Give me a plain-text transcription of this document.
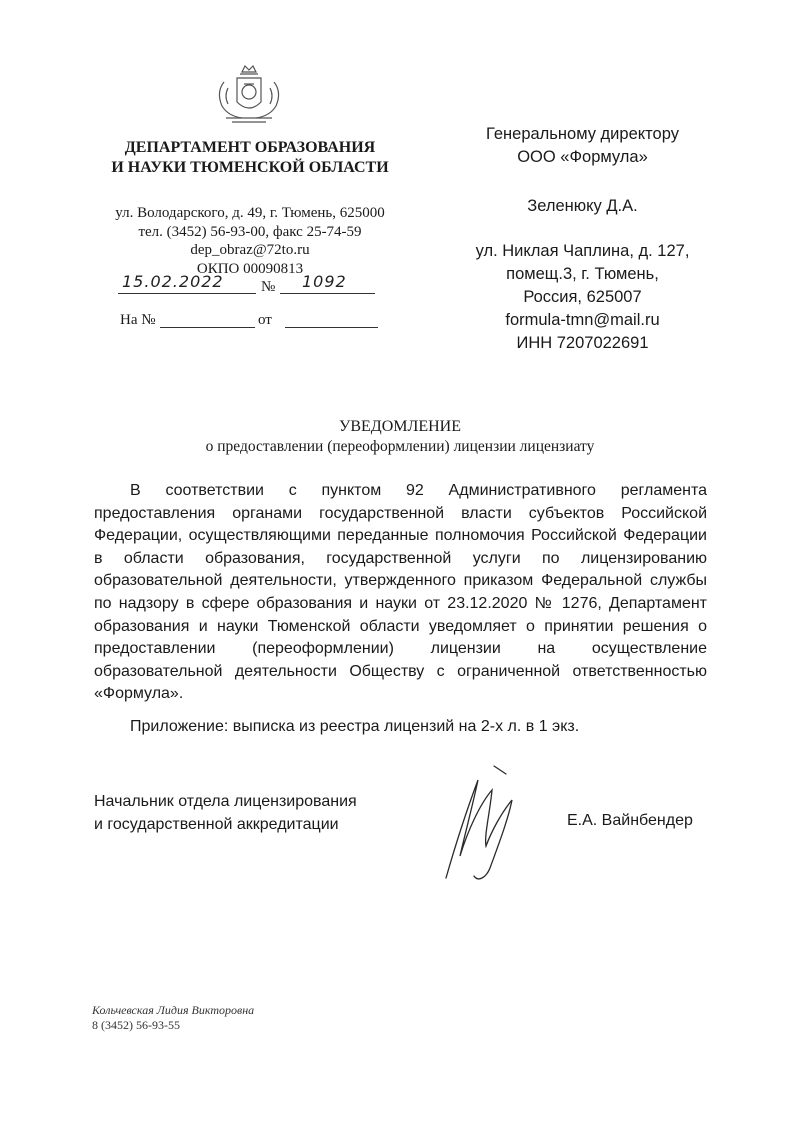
ДЕПАРТАМЕНТ ОБРАЗОВАНИЯ
И НАУКИ ТЮМЕНСКОЙ ОБЛАСТИ
ул. Володарского, д. 49, г. Тюмень, 625000
тел. (3452) 56-93-00, факс 25-74-59
dep_obraz@72to.ru
ОКПО 00090813
15.02.2022	№	1092
На №	от
Генеральному директору
ООО «Формула»
Зеленюку Д.А.
ул. Никлая Чаплина, д. 127,
помещ.3, г. Тюмень,
Россия, 625007
formula-tmn@mail.ru
ИНН 7207022691
УВЕДОМЛЕНИЕ
о предоставлении (переоформлении) лицензии лицензиату
В соответствии с пунктом 92 Административного регламента предоставления органами государственной власти субъектов Российской Федерации, осуществляющими переданные полномочия Российской Федерации в области образования, государственной услуги по лицензированию образовательной деятельности, утвержденного приказом Федеральной службы по надзору в сфере образования и науки от 23.12.2020 № 1276, Департамент образования и науки Тюменской области уведомляет о принятии решения о предоставлении (переоформлении) лицензии на осуществление образовательной деятельности Обществу с ограниченной ответственностью «Формула».
Приложение: выписка из реестра лицензий на 2-х л. в 1 экз.
Начальник отдела лицензирования
и государственной аккредитации	Е.А. Вайнбендер
Кольчевская Лидия Викторовна
8 (3452) 56-93-55
